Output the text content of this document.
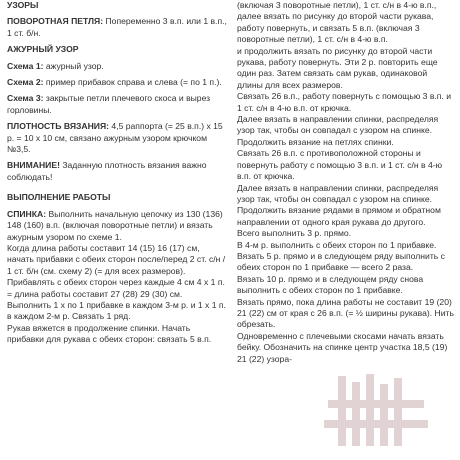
УЗОРЫ

ПОВОРОТНАЯ ПЕТЛЯ: Попеременно 3 в.п. или 1 в.п., 1 ст. б/н.

АЖУРНЫЙ УЗОР

Схема 1: ажурный узор.

Схема 2: пример прибавок справа и слева (= по 1 п.).

Схема 3: закрытые петли плечевого скоса и вырез горловины.

ПЛОТНОСТЬ ВЯЗАНИЯ: 4,5 раппорта (= 25 в.п.) х 15 р. = 10 х 10 см, связано ажурным узором крючком №3,5.

ВНИМАНИЕ! Заданную плотность вязания важно соблюдать!

ВЫПОЛНЕНИЕ РАБОТЫ

СПИНКА: Выполнить начальную цепочку из 130 (136) 148 (160) в.п. (включая поворотные петли) и вязать ажурным узором по схеме 1.

Когда длина работы составит 14 (15) 16 (17) см, начать прибавки с обеих сторон после/перед 2 ст. с/н / 1 ст. б/н (см. схему 2) (= для всех размеров).

Прибавлять с обеих сторон через каждые 4 см 4 х 1 п. = длина работы составит 27 (28) 29 (30) см. Выполнить 1 х по 1 прибавке в каждом 3-м р. и 1 х 1 п. в каждом 2-м р. Связать 1 ряд.

Рукав вяжется в продолжение спинки. Начать прибавки для рукава с обеих сторон: связать 5 в.п.

(включая 3 поворотные петли), 1 ст. с/н в 4-ю в.п., далее вязать по рисунку до второй части рукава, работу повернуть, и связать 5 в.п. (включая 3 поворотные петли), 1 ст. с/н в 4-ю в.п.

и продолжить вязать по рисунку до второй части рукава, работу повернуть. Эти 2 р. повторить еще один раз. Затем связать сам рукав, одинаковой длины для всех размеров.

Связать 26 в.п., работу повернуть с помощью 3 в.п. и 1 ст. с/н в 4-ю в.п. от крючка.

Далее вязать в направлении спинки, распределяя узор так, чтобы он совпадал с узором на спинке.

Продолжить вязание на петлях спинки.

Связать 26 в.п. с противоположной стороны и повернуть работу с помощью 3 в.п. и 1 ст. с/н в 4-ю в.п. от крючка.

Далее вязать в направлении спинки, распределяя узор так, чтобы он совпадал с узором на спинке.

Продолжить вязание рядами в прямом и обратном направлении от одного края рукава до другого.

Всего выполнить 3 р. прямо.

В 4-м р. выполнить с обеих сторон по 1 прибавке.

Вязать 5 р. прямо и в следующем ряду выполнить с обеих сторон по 1 прибавке — всего 2 раза.

Вязать 10 р. прямо и в следующем ряду снова выполнить с обеих сторон по 1 прибавке.

Вязать прямо, пока длина работы не составит 19 (20) 21 (22) см от края с 26 в.п. (= ½ ширины рукава). Нить обрезать.

Одновременно с плечевыми скосами начать вязать бейку. Обозначить на спинке центр участка 18,5 (19) 21 (22) узора-
